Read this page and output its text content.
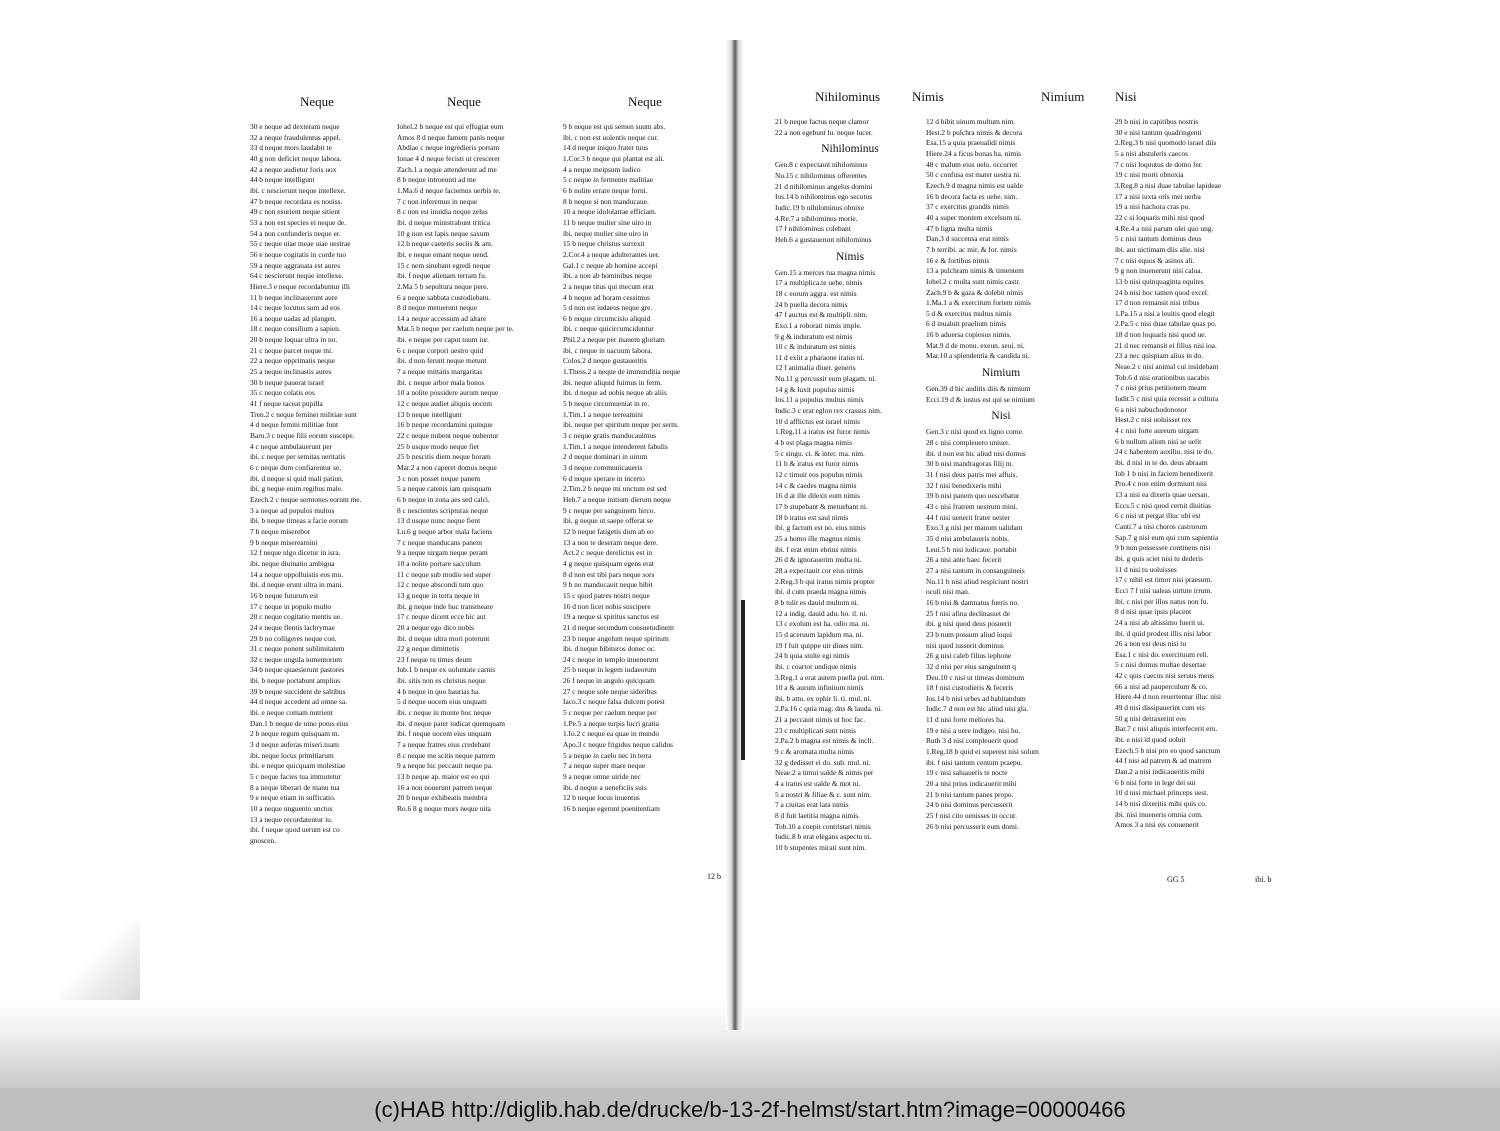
Neque
30 e neque ad dexteram neque
32 a neque fraudulentus appel.
33 d neque mors laudabit te
40 g non deficiet neque labora.
42 a neque audietur foris uox
44 b neque intelligunt
ibi. c nescierunt neque intellexe.
47 b neque recordata es nouiss.
49 c non esurient neque sitient
53 a non est species ei neque de.
54 a non confunderis neque er.
55 c neque uiae meae uiae uestrae
56 e neque cogitatis in corde tuo
59 a neque aggrauata est aures
64 c nescierunt neque intellexe.
Hiere.3 e neque recordabuntur illi
11 b neque inclinauerunt aure
14 c neque locutus sum ad eos
16 a neque uadas ad plangen.
18 c neque consilium a sapien.
20 b neque loquar ultra in no.
21 c neque parcet neque mi.
22 a neque opprimatis neque
25 a neque inclinastis aures
30 b neque pauerat israel
35 c neque colatis eos
41 f neque taceat pupilla
Tren.2 c neque feminei militiae sunt
4 d neque femini militiae funt
Baru.3 c neque filii eorum suscepe.
4 c neque ambulauerunt per
ibi. c neque per semitas ueritatis
6 c neque dum confiarentur se.
ibi. d neque si quid mali patiun.
ibi. g neque enim regibus male.
Ezech.2 c neque sermones eorum me.
3 a neque ad populos multos
ibi. b neque timeas a facie eorum
7 b neque miserebor
9 b neque miserearnini
12 f neque ulgo dicetur in isra.
ibi. neque diuinatio ambigua
14 a neque oppolluistis eos mu.
ibi. d neque erunt ultra in mani.
16 b neque futurum est
17 c neque in populo multo
20 c neque cogitatio mentis ue.
24 e neque flentis lachrymae
29 b no colligeres neque con.
31 c neque ponent sublimitatem
32 c neque ungula iumentorum
34 b neque quaesierunt pastores
ibi. b neque portabunt amplius
39 b neque succident de saltibus
44 d neque accedent ad omne sa.
ibi. e neque comam nutrient
Dan.1 b neque de uino potus eius
2 b neque regum quisquam m.
3 d neque auferas miseri.tuam
ibi. neque locus primitiarum
ibi. e neque quicquam molestiae
5 c neque facies tua immutetur
8 a neque liberari de manu tua
9 e neque etiam in sufficatio.
10 a neque unguento unctus
13 a neque recordatentur iu.
ibi. f neque quod uerum est co
gnoscen.
Neque
Iohel.2 b neque est qui effugiat eum
Amos 8 d neque famem panis neque
Abdiae c neque ingredieris portam
Ionae 4 d neque fecisti ut cresceret
Zach.1 a neque attenderunt ad me
8 b neque introeunti ad me
1.Ma.6 d neque faciemus uerbis te.
7 c non inferemus in neque
8 c non est inuidia neque zelus
ibi. d neque ministrabunt tritica
10 g non est lapis neque saxum
12 b neque caeteris sociis & am.
ibi. e neque emant neque uend.
15 c nem sinebant egredi neque
ibi. f neque alienam terram fu.
2.Ma 5 b sepultura neque pere.
6 a neque sabbata custodiebatu.
8 d neque metuerunt neque
14 a neque accessum ad altare
Mat.5 b neque per caelum neque per te.
ibi. e neque per caput tuum iur.
6 c neque corpori uestro quid
ibi. d non ferunt neque metunt
7 a neque mittatis margaritas
ibi. c neque arbor mala bonos
10 a nolite possidere aurum neque
12 c neque audiet aliquis uocem
13 b neque intelligunt
16 b neque recordamini quinque
22 c neque nubent neque nubentur
25 b usque modo neque fiet
25 b nescitis diem neque horam
Mar.2 a non caperet domus neque
3 c non posset neque panem
5 a neque catenis iam quisquam
6 b neque in zona aes sed calci.
8 c nescientes scripturas neque
13 d usque nunc neque fient
Lu.6 g neque arbor mala faciens
7 c neque manducans panem
9 a neque uirgam neque peram
10 a nolite portare sacculum
11 c neque sub modio sed super
12 c neque abscondi tum quo
13 g neque in terra neque in
ibi. g neque inde huc transmeare
17 c neque dicent ecce hic aut
20 a neque ego dico nobis
ibi. d neque ultra mori poterunt
22 g neque dimittetis
23 f neque tu times deum
Iob.1 b neque ex uoluntate carnis
ibi. sitis non es christus neque
4 b neque in quo haurias ha.
5 d neque uocem eius unquam
ibi. c neque in monte hoc neque
ibi. d neque pater iudicat quemquam
ibi. f neque uocem eius unquam
7 a neque fratres eius credebant
8 c neque me scitis neque patrem
9 a neque hic peccauit neque pa.
13 b neque ap. maior est eo qui
16 a non nouerunt patrem neque
20 b neque exhibeatis membra
Ro.6 8 g neque mors neque uita
Neque
9 b neque est qui semen suum abs.
ibi. c non est uolentis neque cur.
14 d neque iniquo frater tuus
1.Cor.3 b neque qui plantat est ali.
4 a neque meipsum iudico
5 c neque in fermento malitiae
6 b nolite errare neque forni.
8 b neque si non manducaue.
10 a neque idololatrae efficiam.
11 b neque mulier sine uiro in
ibi. neque mulier sine uiro in
15 b neque christus surrexit
2.Cor.4 a neque adulterantes uer.
Gal.1 c neque ab homine accepi
ibi. a non ab hominibus neque
2 a neque titus qui mecum erat
4 b neque ad horam cessimus
5 d non est iudaeus neque gre.
6 b neque circumcisio aliquid
ibi. c neque quicircumciduntur
Phil.2 a neque per inanem gloriam
ibi. c neque in uacuum labora.
Colos.2 d neque gustaueritis
1.Thess.2 a neque de immunditia neque
ibi. neque aliquid fuimus in ferm.
ibi. d neque ad uobis neque ab aliis
5 b neque circumueniat in re.
1.Tim.1 a neque terreamini
ibi. neque per spiritum neque per serm.
3 c neque gratis manducauimus
1.Tim.1 a neque intenderent fabulis
2 d neque dominari in uirum
3 d neque communicaueris
6 d neque sperare in incerto
2.Tim.2 b neque mi unctum est sed
Heb.7 a neque initium dierum neque
9 c neque per sanguinem hirco.
ibi. g neque ut saepe offerat se
12 b neque fatigetis dum ab eo
13 a non te deseram neque dere.
Act.2 c neque derelictus est in
4 g neque quisquam egens erat
8 d non est tibi pars neque sors
9 b no manducauit neque bibit
15 c quod patres nostri neque
16 d non licet nobis suscipere
19 a neque si spiritus sanctus est
21 d neque secundum consuetudinem
23 b neque angelum neque spiritum
ibi. d neque bibituros donec oc.
24 c neque in templo inuenerunt
25 b neque in legem iudaeorum
26 f neque in angulo quicquam
27 c neque sole neque sideribus
Iaco.3 c neque falsa dulcem potest
5 c neque per caelum neque per
1.Pe.5 a neque turpis lucri gratia
1.Io.2 c neque ea quae in mundo
Apo.3 c neque frigidus neque calidus
5 a neque in caelo nec in terra
7 a neque super mare neque
9 a neque omne uiride nec
ibi. d neque a ueneficiis suis
12 b neque locus inuentus
16 b neque egerunt poenitentiam
12 b
Nihilominus
21 b neque factus neque clamor
22 a non egebunt lu. neque lucer.
Nihilominus
Gen.8 c expectauit nihilominus
Nu.15 c nihilominus offerentes
21 d nihilominus angelus domini
Ios.14 b nihilominus ego secutus
Iudic.19 b nihilominus obnixe
4.Re.7 a nihilominus morie.
17 f nihilominus colebant
Heb.6 a gustauerunt nihilominus
Nimis
Gen.15 a merces tua magna nimis
17 a multiplica.te uehe. nimis
18 c eorum aggra. est nimis
24 b puella decora nimis
47 f auctus est & multipli. nim.
Exo.1 a roborati nimis imple.
9 g & induratum est nimis
10 c & induratum est nimis
11 d exiit a pharaone iratus ni.
12 f animalia diuer. generis
Nu.11 g percussit eum plagam. ni.
14 g & luxit populus nimis
Ios.11 a populus multus nimis
Iudic.3 c erat eglon rex crassus nim.
10 d afflictus est israel nimis
1.Reg.11 a iratus est furor nimis
4 b est plaga magna nimis
5 c singu. ci. & inter. ma. nim.
11 b & iratus est furor nimis
12 c timuit eos populus nimis
14 c & caedes magna nimis
16 d at ille dilexit eum nimis
17 b stupebant & metuebant ni.
18 b iratus est saul nimis
ibi. g factum est no. eius nimis
25 a homo ille magnus nimis
ibi. f erat enim ebrius nimis
26 d & ignorauerim multa ni.
28 a expectauit cor eius nimis
2.Reg.3 b qui iratus nimis propter
ibi. d cum praeda magna nimis
8 b tulit es dauid multum ni.
12 a indig. dauid adu. ho. il. ni.
13 c exolum est ha. odio ma. ni.
15 d aceruum lapidum ma. ni.
19 f fuit quippe uir diues nim.
24 b quia stulte egi nimis
ibi. c coartor undique nimis
3.Reg.1 a erat autem puella pul. nim.
10 a & aurum infinitum nimis
ibi. b attu. ex ophir li. ti. mul. ni.
2.Pa.16 c quia mag. dns & lauda. ni.
21 a peccauit nimis ut hoc fac.
23 c multiplicati sunt nimis
2.Pa.2 b magna est nimis & incli.
9 c & aromata multa nimis
32 g dedisset ei do. sub. mul. ni.
Neae.2 a timui ualde & nimis per
4 a iratus est ualde & mot ni.
5 a nostri & filiae & c. sunt nim.
7 a ciuitas erat lata nimis
8 d fuit laetitia magna nimis.
Tob.10 a coepit contristari nimis
Iudic.8 b erat elegans aspectu ni.
10 b stupentes mirati sunt nim.
Nimis
12 d bibit uinum multum nim.
Hest.2 b pulchra nimis & decora
Esa.15 a quia praeualidi nimis
Hiere.24 a ficus bonas ha. nimis
48 c malum eius uelo. occurret
50 c confusa est mater uestra ni.
Ezech.9 d magna nimis est ualde
16 b decora facta es uehe. nim.
37 c exercitus grandis nimis
40 a super montem excelsum ni.
47 b ligna multa nimis
Dan.3 d succensa erat nimis
7 b terribi. ac mir. & for. nimis
16 e & fortibus nimis
13 a pulchram nimis & timentem
Iohel.2 c multa sunt nimis castr.
Zach.9 b & gaza & dolebit nimis
1.Ma.1 a & exercitum fortem nimis
5 d & exercitus multus nimis
6 d inualuit praelium nimis
16 b aduersa copiosus nimis.
Mat.9 d de monu. exeun. seui. ni.
Mar.10 a splendentia & candida ni.
Nimium
Gen.39 d hic auditis diis & nimium
Ecci.19 d & iustus est qui se nimium
Nisi
Gen.3 c nisi quod ex ligno come.
28 c nisi compleuero uniuer.
ibi. d non est hic aliud nisi domus
30 b nisi mandragoras filij m.
31 f nisi deus patris mei affuis.
32 f nisi benedixeris mihi
39 b nisi panem quo uescebatur
43 c nisi fratrem uestrum mini.
44 f nisi uenerit frater uester
Exo.3 g nisi per manum ualidam
35 d nisi ambulaueris nobis.
Leui.5 b nisi iudicaue. portabit
26 a nisi ante haec fecerit
27 a nisi tantum in consanguineis
Nu.11 b nisi aliud respiciunt nostri
oculi nisi man.
16 b nisi & damnatus fueris no.
25 f nisi afina declinasset de
ibi. g nisi quod deus posuerit
23 b num possum aliud loqui
nisi quod iusserit dominus
26 g nisi caleb filius iephone
32 d nisi per eius sanguinem q
Deu.10 c nisi ut timeas dominum
18 f nisi custodieris & feceris
Ios.14 b nisi urbes ad habitandum
Iudic.7 d non est hic aliud nisi gla.
11 d nisi forte meliores ba.
19 e nisi a uere indigeo. nisi ho.
Ruth 3 d nisi compleuerit quod
1.Reg.18 b quid ei superest nisi solum
ibi. f nisi tantum centum praepu.
19 c nisi saluaueris te nocte
20 a nisi prius indicauerit mihi
21 b nisi tantum panes propo.
24 b nisi dominus percusserit
25 f nisi cito uenisses in occur.
26 b nisi percusserit eum domi.
Nimium Nisi
29 b nisi in capitibus nostris
30 e nisi tantum quadringenti
2.Reg.3 b nisi quomodo israel diis
5 a nisi abstuleris caecos
7 c nisi loquutus de domo fer.
19 c nisi morti obnoxia
3.Reg.8 a nisi duae tabulae lapideae
17 a nisi iuxta oris mei uerba
19 a nisi hachora cras po.
22 c si loquaris mihi nisi quod
4.Re.4 a nisi parum olei quo ung.
5 c nisi tantum dominus deus
ibi. aut uictimam diis alie. nisi
7 c nisi equos & asinos ali.
9 g non inuenerunt nisi calua.
13 b nisi quinquaginta equites
24 b nisi hoc tamen quod excel.
17 d non remansit nisi tribus
1.Pa.15 a nisi a leuitis quod elegit
2.Pa.5 c nisi duae tabulae quas po.
18 d non loquaris nisi quod ue.
21 d nec remansit ei filius nisi ioa.
23 a nec quispiam alius in do.
Neae.2 c nisi animal cui insidebam
Tob.6 d nisi orationibus uacabis
7 c nisi prius petitionem meam
Iudit.5 c nisi quia recessit a cultura
6 a nisi nabuchodonosor
Hest.2 c nisi uoluisset rex
4 c nisi forte aureum uirgam
6 b nullum alium nisi se uelit
24 c habentem auxiliu. nisi te do.
ibi. d nisi in te do. deus abraam
Iob 1 b nisi in faciem benedixerit
Pro.4 c non enim dormiunt nisi
13 a nisi ea dixeris quae uersan.
Eccs.5 c nisi quod cernit diuitias
6 c nisi ut pergat illuc ubi est
Canti.7 a nisi choros castrorum
Sap.7 g nisi eum qui cum sapientia
9 b non possessee continens nisi
ibi. g quis sciet nisi tu dederis
11 d nisi tu uoluisses
17 c nihil est timor nisi praesum.
Ecci 7 f nisi ualeas uirtute irrum.
ibi. c nisi per illos natus non fu.
8 d nisi quae ipsis placent
24 a nisi ab altissimo fuerit ui.
ibi. d quid prodest illis nisi labor
26 a non est deus nisi tu
Esa.1 c nisi do. exercituum reli.
5 c nisi domus multae desertae
42 c quis caecus nisi seruus meus
66 a nisi ad pauperculum & co.
Hiere.44 d non reuertentur illuc nisi
49 d nisi dissipauerint cum eis
50 g nisi detraxerint eos
Bar.7 c nisi aliquis interfecerit eru.
ibi. e nisi id quod uoluit
Ezech.5 b nisi pro eo quod sanctum
44 f nisi ad patrem & ad matrem
Dan.2 a nisi indicaueritis mihi
6 b nisi forte in lege dei sui
10 d nisi michael princeps uest.
14 b nisi dixeritis mihi quis co.
ibi. nisi inueneris omnia com.
Amos 3 a nisi eis conuenerit
GG 5	ibi. b
(c)HAB http://diglib.hab.de/drucke/b-13-2f-helmst/start.htm?image=00000466
